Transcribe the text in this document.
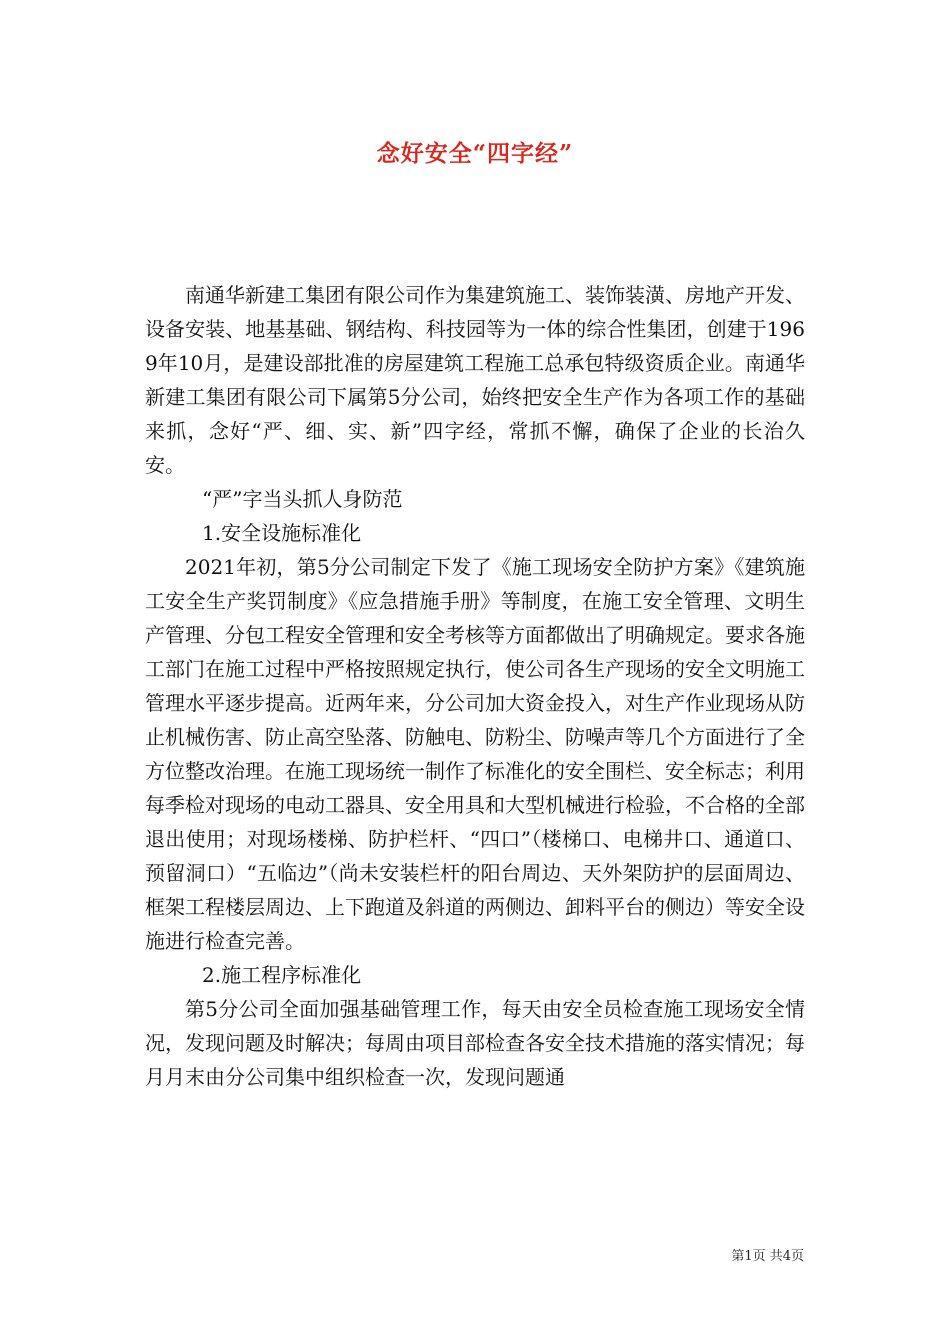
念好安全“四字经”

南通华新建工集团有限公司作为集建筑施工、装饰装潢、房地产开发、设备安装、地基基础、钢结构、科技园等为一体的综合性集团，创建于1969年10月，是建设部批准的房屋建筑工程施工总承包特级资质企业。南通华新建工集团有限公司下属第5分公司，始终把安全生产作为各项工作的基础来抓，念好“严、细、实、新”四字经，常抓不懈，确保了企业的长治久安。

“严”字当头抓人身防范

1.安全设施标准化

2021年初，第5分公司制定下发了《施工现场安全防护方案》《建筑施工安全生产奖罚制度》《应急措施手册》等制度，在施工安全管理、文明生产管理、分包工程安全管理和安全考核等方面都做出了明确规定。要求各施工部门在施工过程中严格按照规定执行，使公司各生产现场的安全文明施工管理水平逐步提高。近两年来，分公司加大资金投入，对生产作业现场从防止机械伤害、防止高空坠落、防触电、防粉尘、防噪声等几个方面进行了全方位整改治理。在施工现场统一制作了标准化的安全围栏、安全标志；利用每季检对现场的电动工器具、安全用具和大型机械进行检验，不合格的全部退出使用；对现场楼梯、防护栏杆、“四口”（楼梯口、电梯井口、通道口、预留洞口）“五临边”（尚未安装栏杆的阳台周边、天外架防护的层面周边、框架工程楼层周边、上下跑道及斜道的两侧边、卸料平台的侧边）等安全设施进行检查完善。

2.施工程序标准化

第5分公司全面加强基础管理工作，每天由安全员检查施工现场安全情况，发现问题及时解决；每周由项目部检查各安全技术措施的落实情况；每月月末由分公司集中组织检查一次，发现问题通

第1页 共4页
